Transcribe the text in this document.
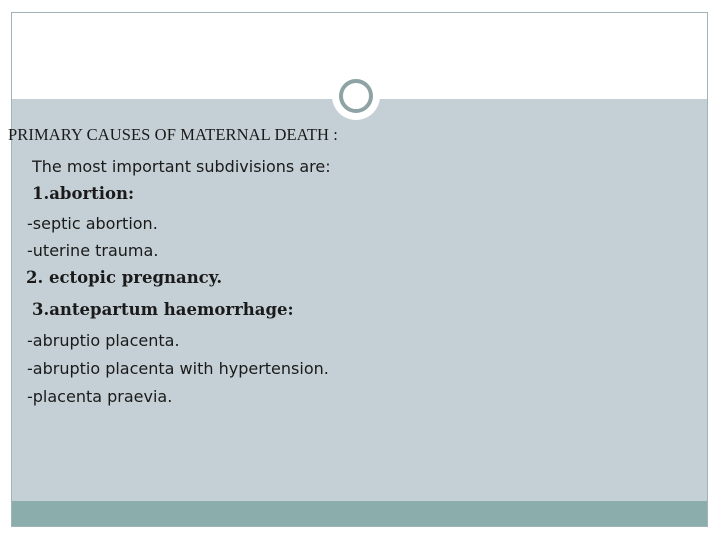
PRIMARY CAUSES OF MATERNAL DEATH :
The most important subdivisions are:
1.abortion:
-septic abortion.
-uterine trauma.
2. ectopic pregnancy.
3.antepartum haemorrhage:
-abruptio placenta.
-abruptio placenta with hypertension.
-placenta praevia.
